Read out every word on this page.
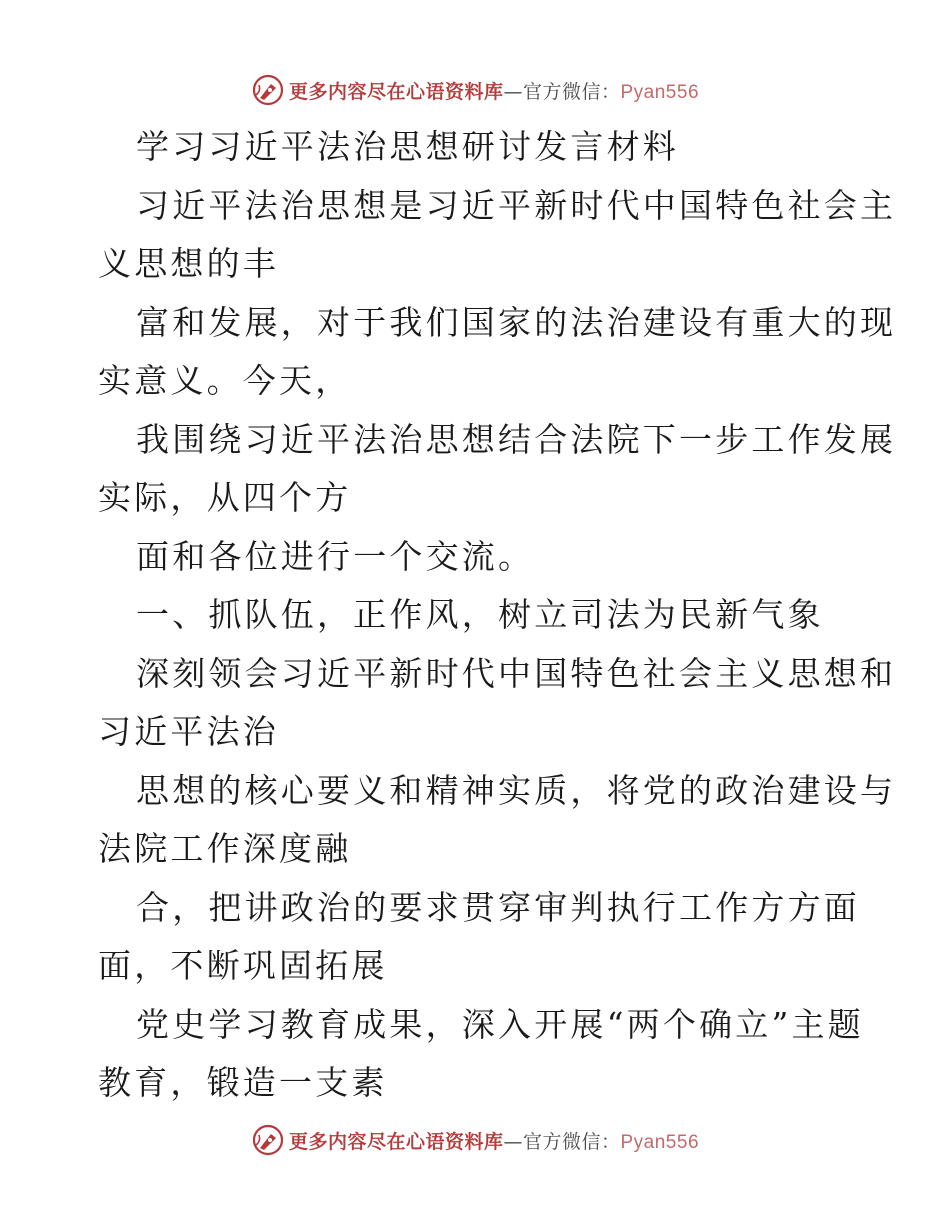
更多内容尽在心语资料库—官方微信：Pyan556
学习习近平法治思想研讨发言材料
习近平法治思想是习近平新时代中国特色社会主
义思想的丰
富和发展，对于我们国家的法治建设有重大的现
实意义。今天，
我围绕习近平法治思想结合法院下一步工作发展
实际，从四个方
面和各位进行一个交流。
一、抓队伍，正作风，树立司法为民新气象
深刻领会习近平新时代中国特色社会主义思想和
习近平法治
思想的核心要义和精神实质，将党的政治建设与
法院工作深度融
合，把讲政治的要求贯穿审判执行工作方方面
面，不断巩固拓展
党史学习教育成果，深入开展“两个确立”主题
教育，锻造一支素
更多内容尽在心语资料库—官方微信：Pyan556
